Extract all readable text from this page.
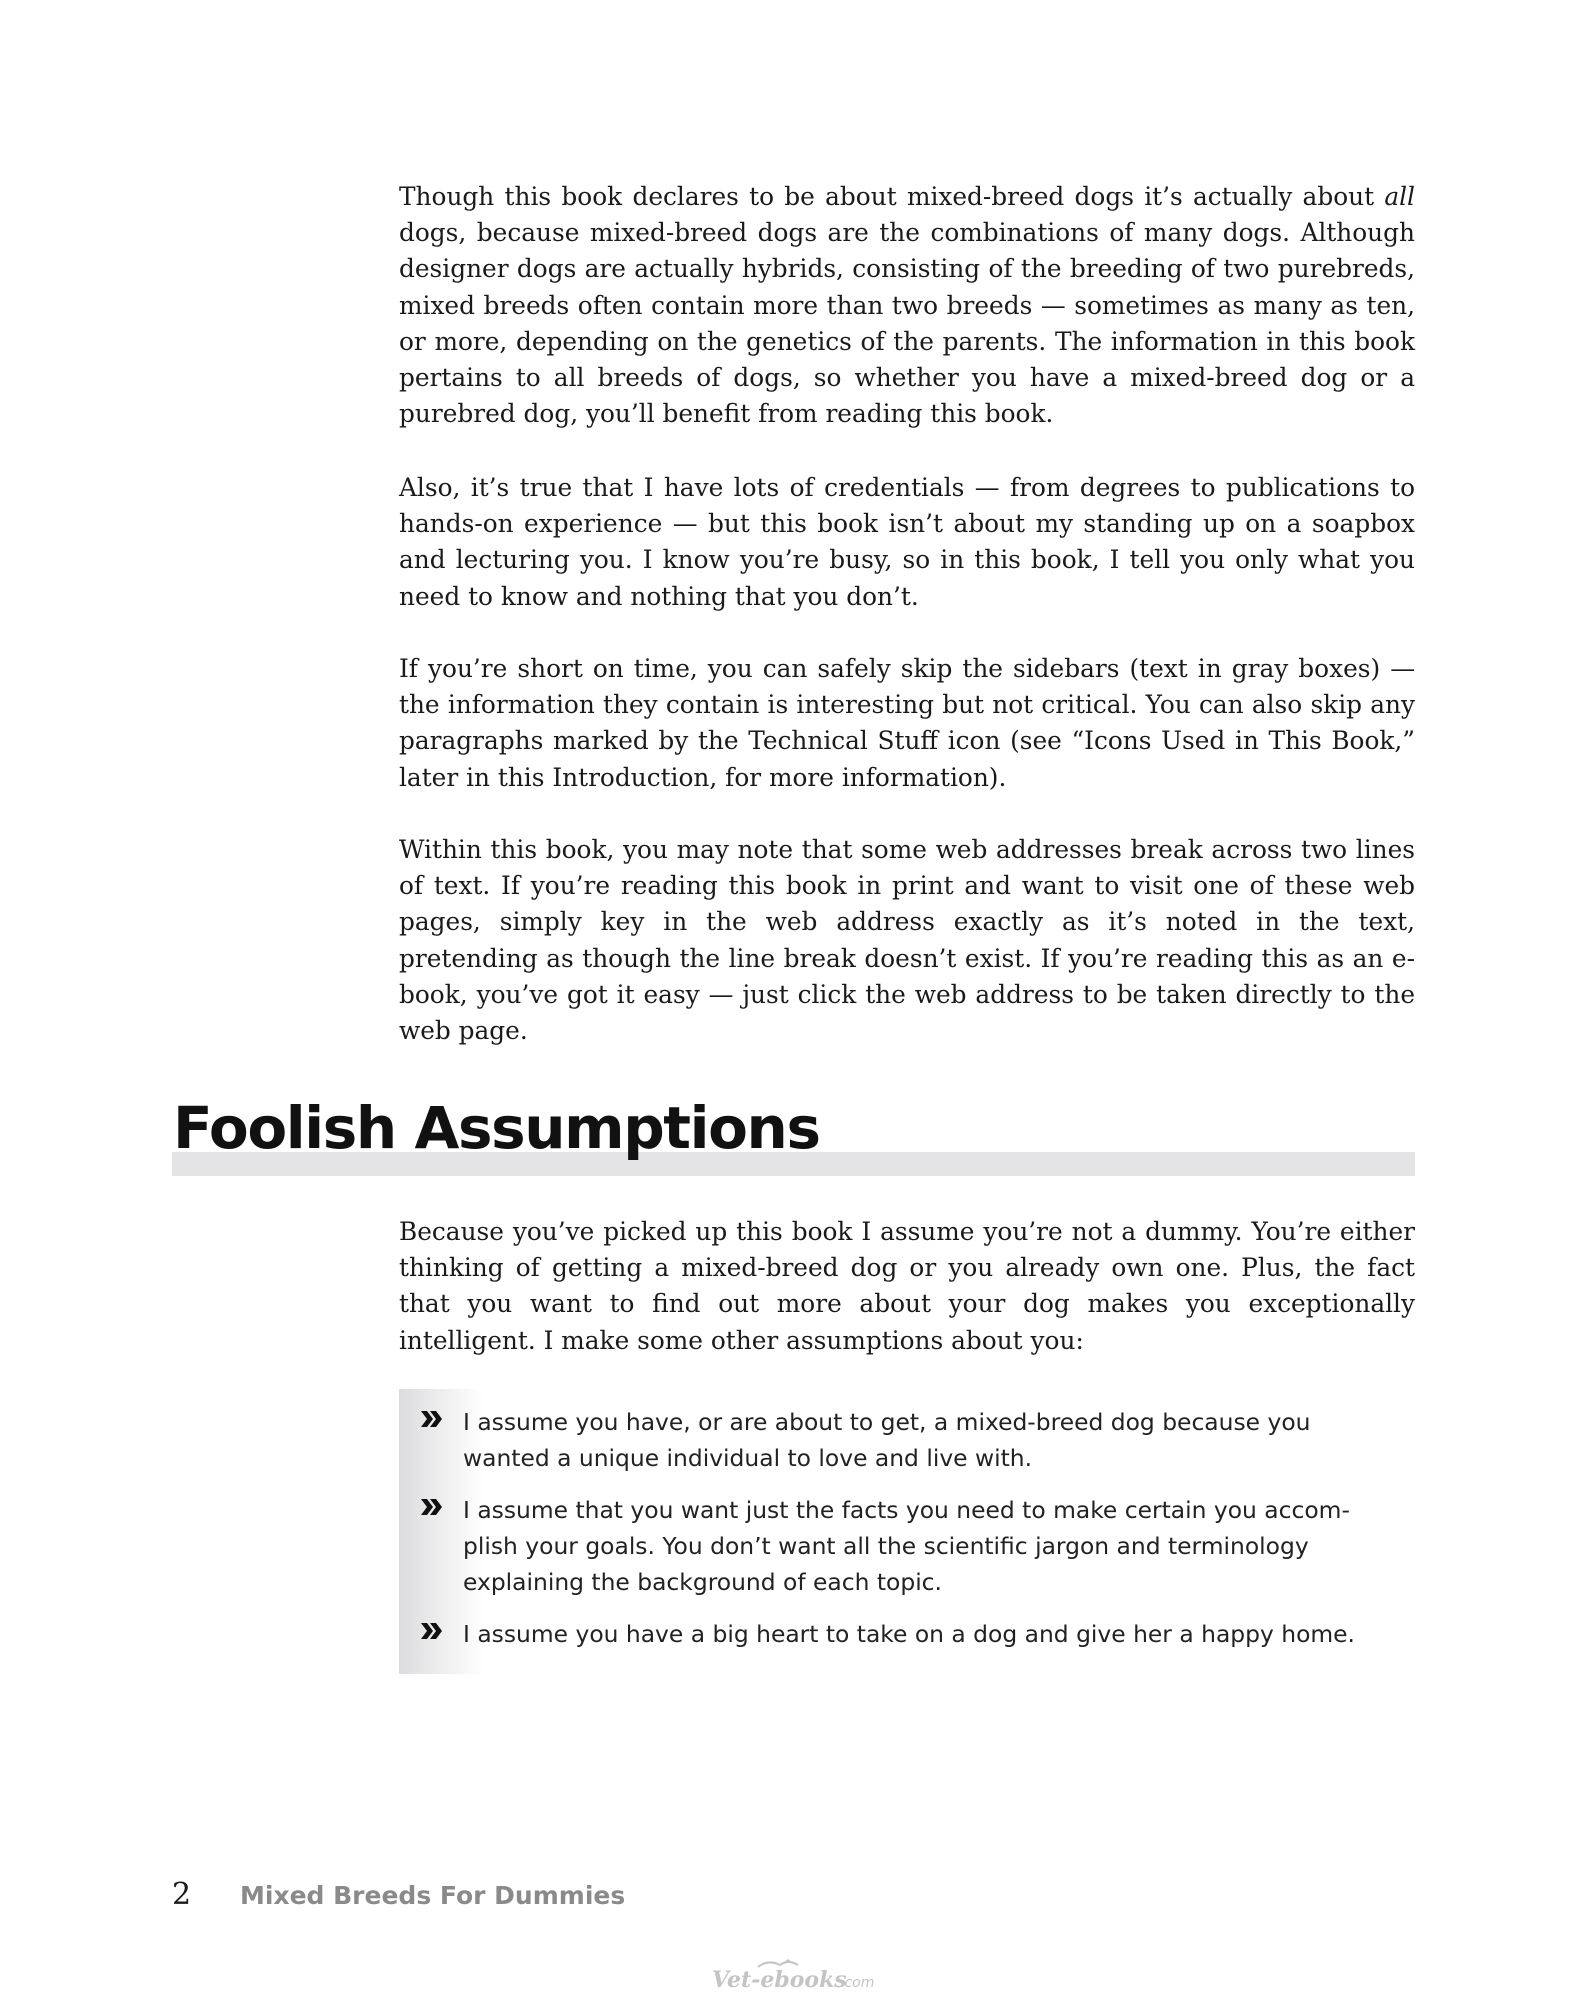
Though this book declares to be about mixed-breed dogs it’s actually about all dogs, because mixed-breed dogs are the combinations of many dogs. Although designer dogs are actually hybrids, consisting of the breeding of two purebreds, mixed breeds often contain more than two breeds — sometimes as many as ten, or more, depending on the genetics of the parents. The information in this book pertains to all breeds of dogs, so whether you have a mixed-breed dog or a purebred dog, you’ll benefit from reading this book.

Also, it’s true that I have lots of credentials — from degrees to publications to hands-on experience — but this book isn’t about my standing up on a soapbox and lecturing you. I know you’re busy, so in this book, I tell you only what you need to know and nothing that you don’t.

If you’re short on time, you can safely skip the sidebars (text in gray boxes) — the information they contain is interesting but not critical. You can also skip any paragraphs marked by the Technical Stuff icon (see “Icons Used in This Book,” later in this Introduction, for more information).

Within this book, you may note that some web addresses break across two lines of text. If you’re reading this book in print and want to visit one of these web pages, simply key in the web address exactly as it’s noted in the text, pretending as though the line break doesn’t exist. If you’re reading this as an e-book, you’ve got it easy — just click the web address to be taken directly to the web page.

Foolish Assumptions

Because you’ve picked up this book I assume you’re not a dummy. You’re either thinking of getting a mixed-breed dog or you already own one. Plus, the fact that you want to find out more about your dog makes you exceptionally intelligent. I make some other assumptions about you:

I assume you have, or are about to get, a mixed-breed dog because you wanted a unique individual to love and live with.

I assume that you want just the facts you need to make certain you accomplish your goals. You don’t want all the scientific jargon and terminology explaining the background of each topic.

I assume you have a big heart to take on a dog and give her a happy home.

2 Mixed Breeds For Dummies
Vet-ebooks
.com
